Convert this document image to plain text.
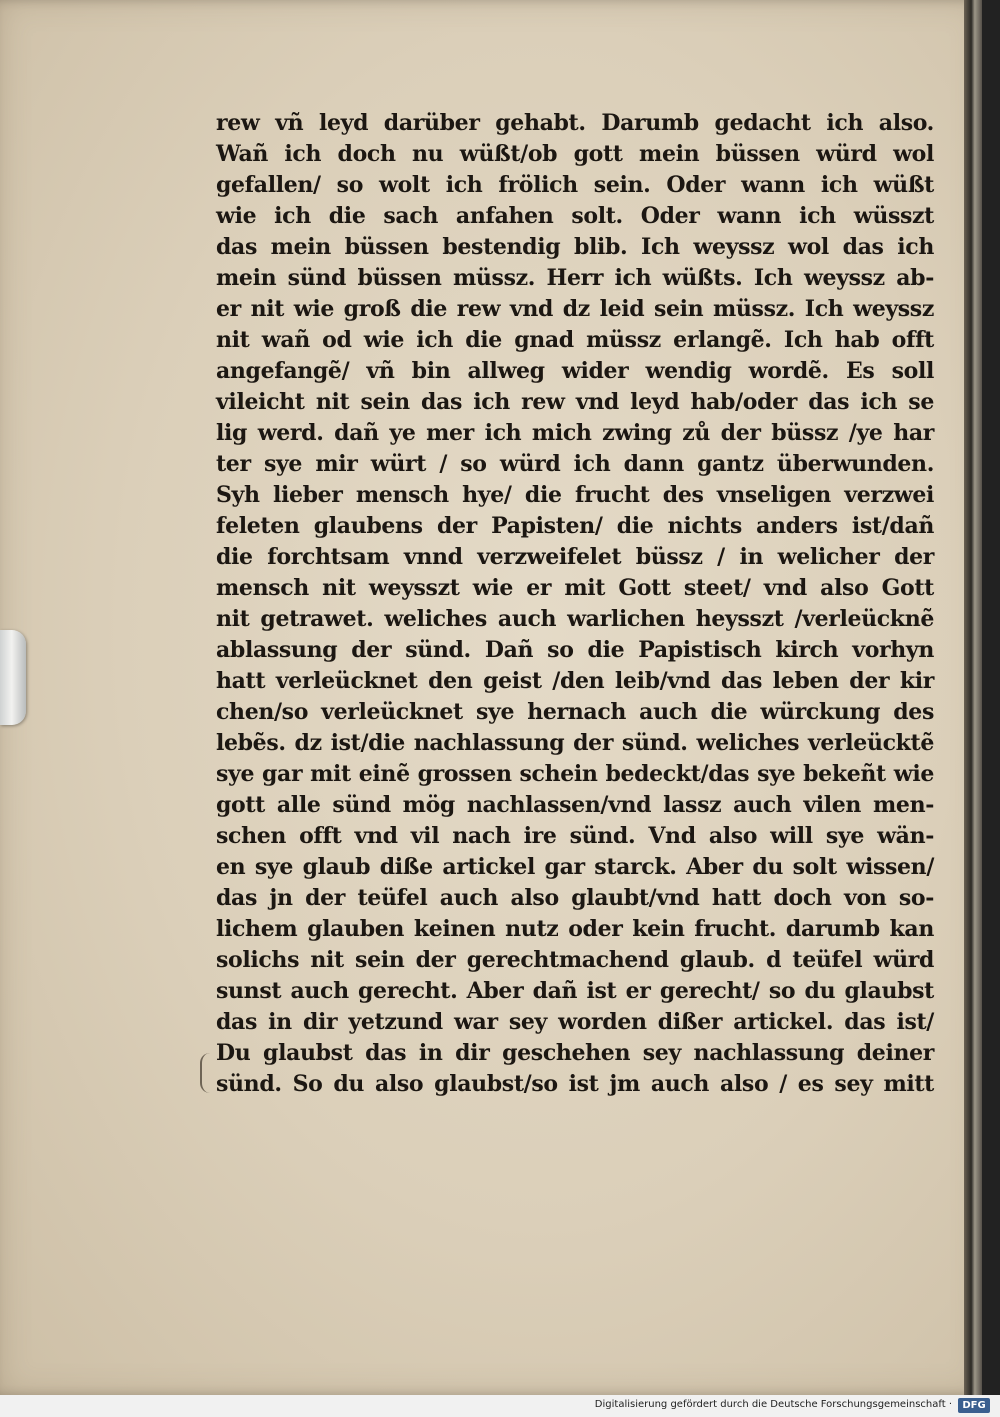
rew vñ leyd darüber gehabt. Darumb gedacht ich also.
Wañ ich doch nu wüßt/ob gott mein büssen würd wol
gefallen/ so wolt ich frölich sein. Oder wann ich wüßt
wie ich die sach anfahen solt. Oder wann ich wüsszt
das mein büssen bestendig blib. Ich weyssz wol das ich
mein sünd büssen müssz. Herr ich wüßts. Ich weyssz ab-
er nit wie groß die rew vnd dz leid sein müssz. Ich weyssz
nit wañ od wie ich die gnad müssz erlangẽ. Ich hab offt
angefangẽ/ vñ bin allweg wider wendig wordẽ. Es soll
vileicht nit sein das ich rew vnd leyd hab/oder das ich se
lig werd. dañ ye mer ich mich zwing zů der büssz /ye har
ter sye mir würt / so würd ich dann gantz überwunden.
Syh lieber mensch hye/ die frucht des vnseligen verzwei
feleten glaubens der Papisten/ die nichts anders ist/dañ
die forchtsam vnnd verzweifelet büssz / in welicher der
mensch nit weysszt wie er mit Gott steet/ vnd also Gott
nit getrawet. weliches auch warlichen heysszt /verleücknẽ
ablassung der sünd. Dañ so die Papistisch kirch vorhyn
hatt verleücknet den geist /den leib/vnd das leben der kir
chen/so verleücknet sye hernach auch die würckung des
lebẽs. dz ist/die nachlassung der sünd. weliches verleücktẽ
sye gar mit einẽ grossen schein bedeckt/das sye bekeñt wie
gott alle sünd mög nachlassen/vnd lassz auch vilen men-
schen offt vnd vil nach ire sünd. Vnd also will sye wän-
en sye glaub diße artickel gar starck. Aber du solt wissen/
das jn der teüfel auch also glaubt/vnd hatt doch von so-
lichem glauben keinen nutz oder kein frucht. darumb kan
solichs nit sein der gerechtmachend glaub. d teüfel würd
sunst auch gerecht. Aber dañ ist er gerecht/ so du glaubst
das in dir yetzund war sey worden dißer artickel. das ist/
Du glaubst das in dir geschehen sey nachlassung deiner
sünd. So du also glaubst/so ist jm auch also / es sey mitt
Digitalisierung gefördert durch die Deutsche Forschungsgemeinschaft ·	DFG
